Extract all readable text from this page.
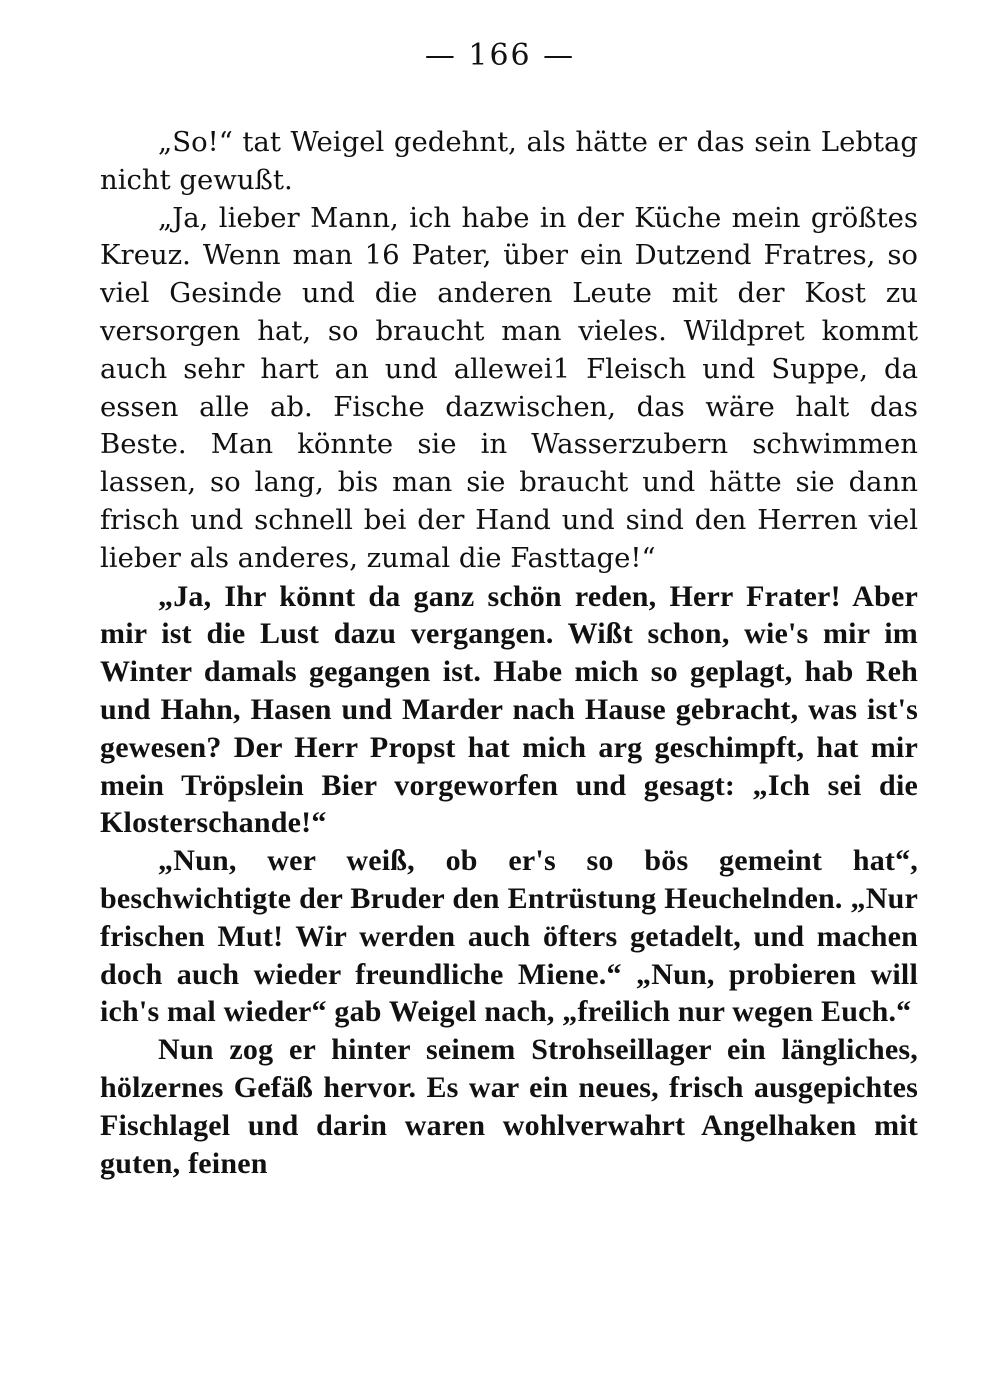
— 166 —

„So!“ tat Weigel gedehnt, als hätte er das sein Lebtag nicht gewußt.

„Ja, lieber Mann, ich habe in der Küche mein größtes Kreuz. Wenn man 16 Pater, über ein Dutzend Fratres, so viel Gesinde und die anderen Leute mit der Kost zu versorgen hat, so braucht man vieles. Wildpret kommt auch sehr hart an und allewei1 Fleisch und Suppe, da essen alle ab. Fische dazwischen, das wäre halt das Beste. Man könnte sie in Wasserzubern schwimmen lassen, so lang, bis man sie braucht und hätte sie dann frisch und schnell bei der Hand und sind den Herren viel lieber als anderes, zumal die Fasttage!“

„Ja, Ihr könnt da ganz schön reden, Herr Frater! Aber mir ist die Lust dazu vergangen. Wißt schon, wie's mir im Winter damals gegangen ist. Habe mich so geplagt, hab Reh und Hahn, Hasen und Marder nach Hause gebracht, was ist's gewesen? Der Herr Propst hat mich arg geschimpft, hat mir mein Tröpslein Bier vorgeworfen und gesagt: „Ich sei die Klosterschande!“

„Nun, wer weiß, ob er's so bös gemeint hat“, beschwichtigte der Bruder den Entrüstung Heuchelnden. „Nur frischen Mut! Wir werden auch öfters getadelt, und machen doch auch wieder freundliche Miene.“ „Nun, probieren will ich's mal wieder“ gab Weigel nach, „freilich nur wegen Euch.“

Nun zog er hinter seinem Strohseillager ein längliches, hölzernes Gefäß hervor. Es war ein neues, frisch ausgepichtes Fischlagel und darin waren wohlverwahrt Angelhaken mit guten, feinen
